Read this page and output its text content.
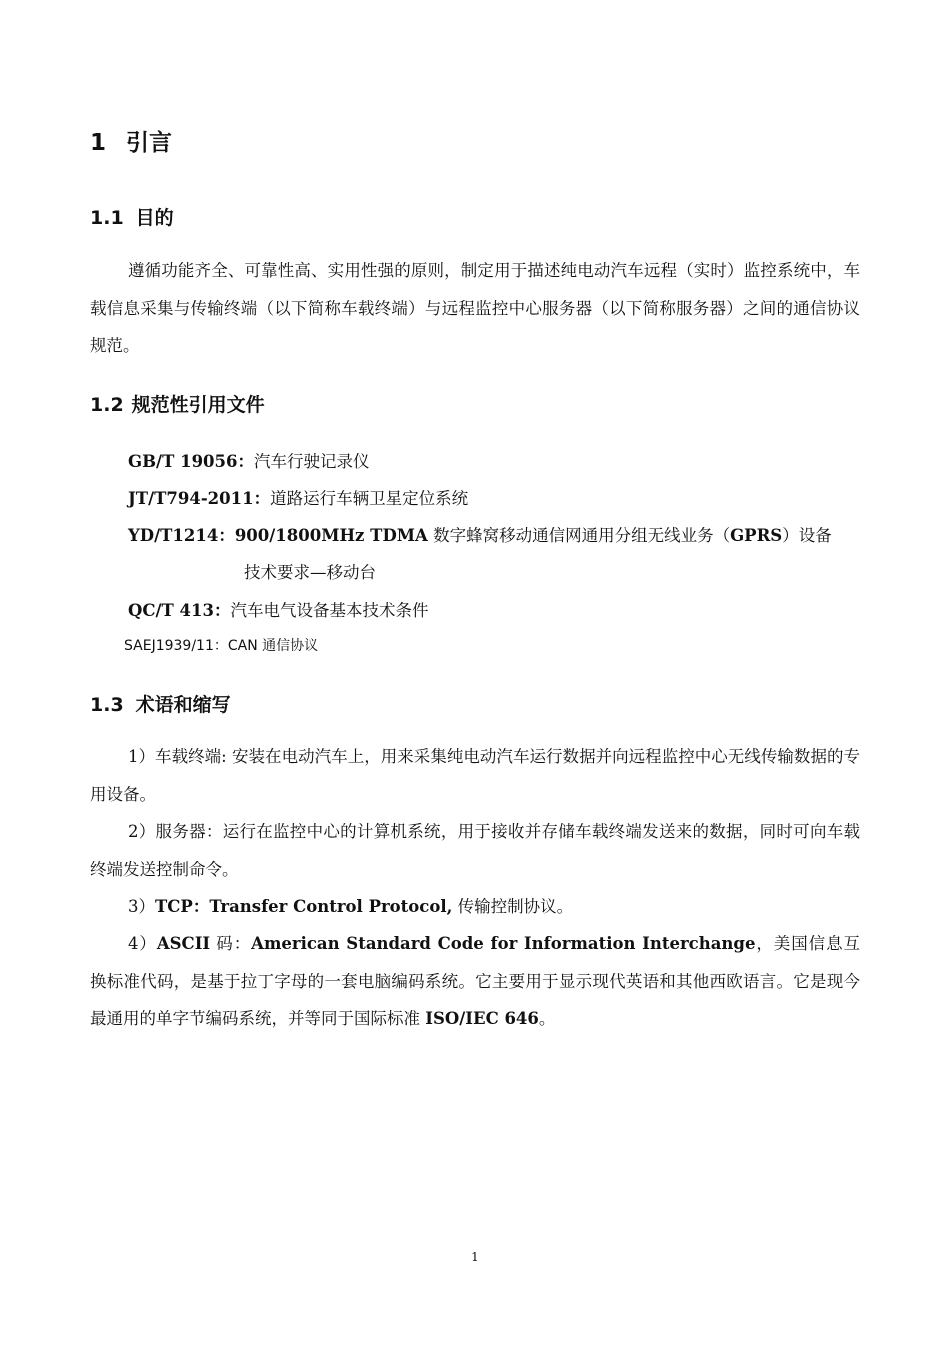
1 引言
1.1 目的
遵循功能齐全、可靠性高、实用性强的原则，制定用于描述纯电动汽车远程（实时）监控系统中，车载信息采集与传输终端（以下简称车载终端）与远程监控中心服务器（以下简称服务器）之间的通信协议规范。
1.2 规范性引用文件
GB/T 19056：汽车行驶记录仪
JT/T794-2011：道路运行车辆卫星定位系统
YD/T1214：900/1800MHz TDMA 数字蜂窝移动通信网通用分组无线业务（GPRS）设备
技术要求—移动台
QC/T 413：汽车电气设备基本技术条件
SAEJ1939/11：CAN 通信协议
1.3 术语和缩写
1）车载终端: 安装在电动汽车上，用来采集纯电动汽车运行数据并向远程监控中心无线传输数据的专用设备。
2）服务器：运行在监控中心的计算机系统，用于接收并存储车载终端发送来的数据，同时可向车载终端发送控制命令。
3）TCP：Transfer Control Protocol, 传输控制协议。
4）ASCII 码：American Standard Code for Information Interchange，美国信息互换标准代码，是基于拉丁字母的一套电脑编码系统。它主要用于显示现代英语和其他西欧语言。它是现今最通用的单字节编码系统，并等同于国际标准 ISO/IEC 646。
1
